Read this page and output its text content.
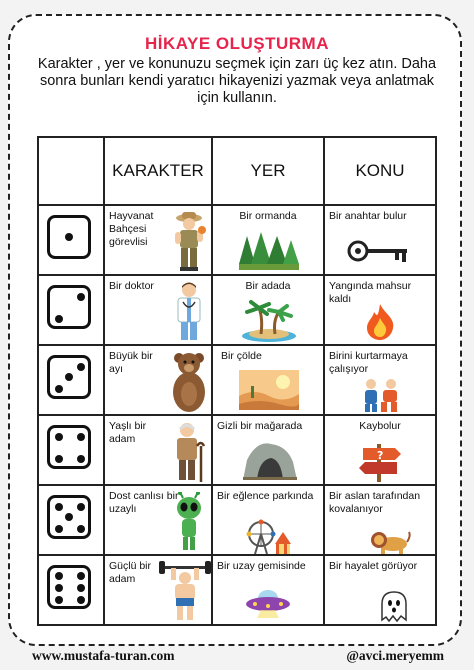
HİKAYE OLUŞTURMA
Karakter , yer ve konunuzu seçmek için zarı üç kez atın. Daha sonra bunları kendi yaratıcı hikayenizi yazmak veya anlatmak için kullanın.
	KARAKTER	YER	KONU

	Hayvanat Bahçesi görevlisi	Bir ormanda	Bir anahtar bulur

	Bir doktor	Bir adada	Yangında mahsur kaldı

	Büyük bir ayı	Bir çölde	Birini kurtarmaya çalışıyor

	Yaşlı bir adam	Gizli bir mağarada	Kaybolur
?

	Dost canlısı bir uzaylı	Bir eğlence parkında	Bir aslan tarafından kovalanıyor

	Güçlü bir adam	Bir uzay gemisinde	Bir hayalet görüyor
www.mustafa-turan.com	@avci.meryemm
